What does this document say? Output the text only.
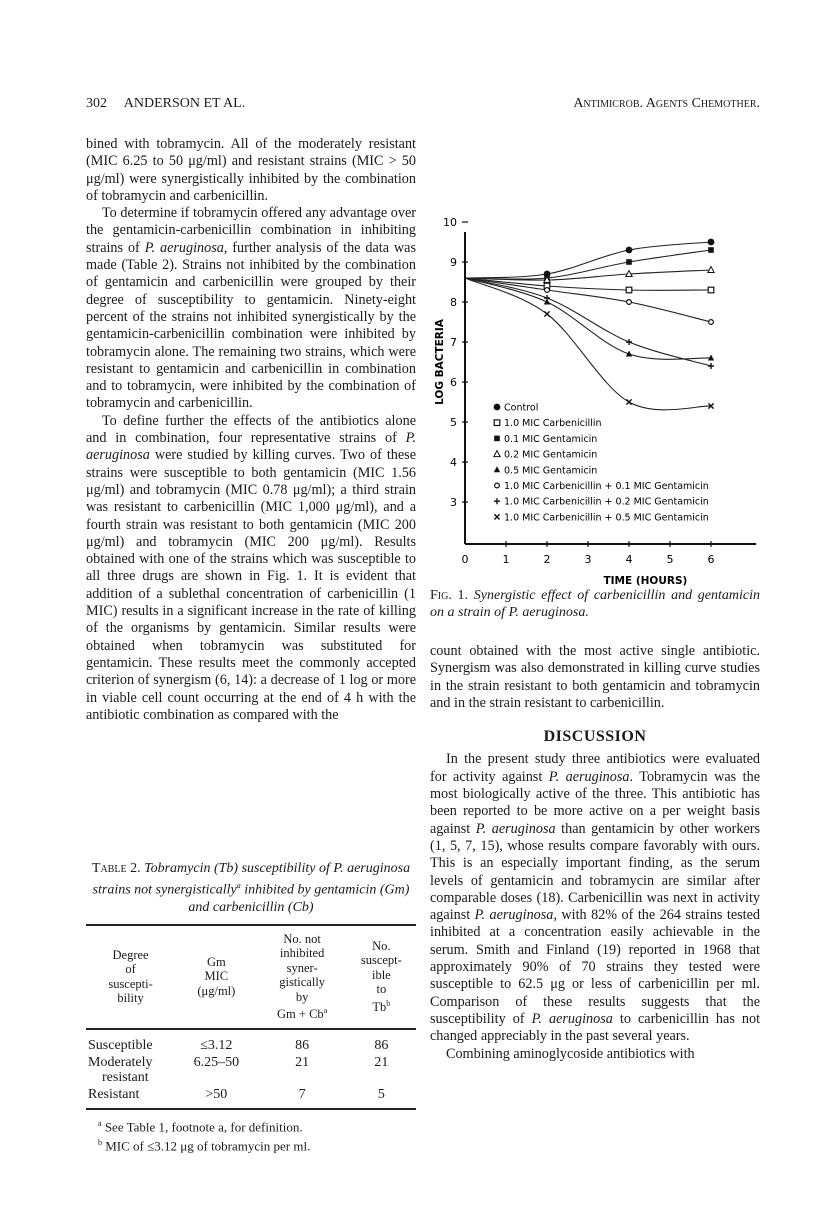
302 ANDERSON ET AL.	Antimicrob. Agents Chemother.

bined with tobramycin. All of the moderately resistant (MIC 6.25 to 50 μg/ml) and resistant strains (MIC > 50 μg/ml) were synergistically inhibited by the combination of tobramycin and carbenicillin.

To determine if tobramycin offered any advantage over the gentamicin-carbenicillin combination in inhibiting strains of P. aeruginosa, further analysis of the data was made (Table 2). Strains not inhibited by the combination of gentamicin and carbenicillin were grouped by their degree of susceptibility to gentamicin. Ninety-eight percent of the strains not inhibited synergistically by the gentamicin-carbenicillin combination were inhibited by tobramycin alone. The remaining two strains, which were resistant to gentamicin and carbenicillin in combination and to tobramycin, were inhibited by the combination of tobramycin and carbenicillin.

To define further the effects of the antibiotics alone and in combination, four representative strains of P. aeruginosa were studied by killing curves. Two of these strains were susceptible to both gentamicin (MIC 1.56 μg/ml) and tobramycin (MIC 0.78 μg/ml); a third strain was resistant to carbenicillin (MIC 1,000 μg/ml), and a fourth strain was resistant to both gentamicin (MIC 200 μg/ml) and tobramycin (MIC 200 μg/ml). Results obtained with one of the strains which was susceptible to all three drugs are shown in Fig. 1. It is evident that addition of a sublethal concentration of carbenicillin (1 MIC) results in a significant increase in the rate of killing of the organisms by gentamicin. Similar results were obtained when tobramycin was substituted for gentamicin. These results meet the commonly accepted criterion of synergism (6, 14): a decrease of 1 log or more in viable cell count occurring at the end of 4 h with the antibiotic combination as compared with the

Table 2. Tobramycin (Tb) susceptibility of P. aeruginosa strains not synergistically$^a$ inhibited by gentamicin (Gm) and carbenicillin (Cb)
Degree
of
suscepti-
bility	Gm
MIC
(μg/ml)	No. not
inhibited
syner-
gistically
by
$Gm + Cb^a$	No.
suscept-
ible
to
Tb$^b$
Susceptible	≤3.12	86	86
Moderately
resistant	6.25–50	21	21
Resistant	>50	7	5
$^a$ See Table 1, footnote a, for definition.
$^b$ MIC of ≤3.12 μg of tobramycin per ml.
3
4
5
6
7
8
9
10
0	1	2	3	4	5	6
TIME (HOURS)
LOG BACTERIA
Control
1.0 MIC Carbenicillin
0.1 MIC Gentamicin
0.2 MIC Gentamicin
0.5 MIC Gentamicin
1.0 MIC Carbenicillin + 0.1 MIC Gentamicin
1.0 MIC Carbenicillin + 0.2 MIC Gentamicin
1.0 MIC Carbenicillin + 0.5 MIC Gentamicin
Fig. 1. Synergistic effect of carbenicillin and gentamicin on a strain of P. aeruginosa.

count obtained with the most active single antibiotic. Synergism was also demonstrated in killing curve studies in the strain resistant to both gentamicin and tobramycin and in the strain resistant to carbenicillin.

DISCUSSION

In the present study three antibiotics were evaluated for activity against P. aeruginosa. Tobramycin was the most biologically active of the three. This antibiotic has been reported to be more active on a per weight basis against P. aeruginosa than gentamicin by other workers (1, 5, 7, 15), whose results compare favorably with ours. This is an especially important finding, as the serum levels of gentamicin and tobramycin are similar after comparable doses (18). Carbenicillin was next in activity against P. aeruginosa, with 82% of the 264 strains tested inhibited at a concentration easily achievable in the serum. Smith and Finland (19) reported in 1968 that approximately 90% of 70 strains they tested were susceptible to 62.5 μg or less of carbenicillin per ml. Comparison of these results suggests that the susceptibility of P. aeruginosa to carbenicillin has not changed appreciably in the past several years.

Combining aminoglycoside antibiotics with
